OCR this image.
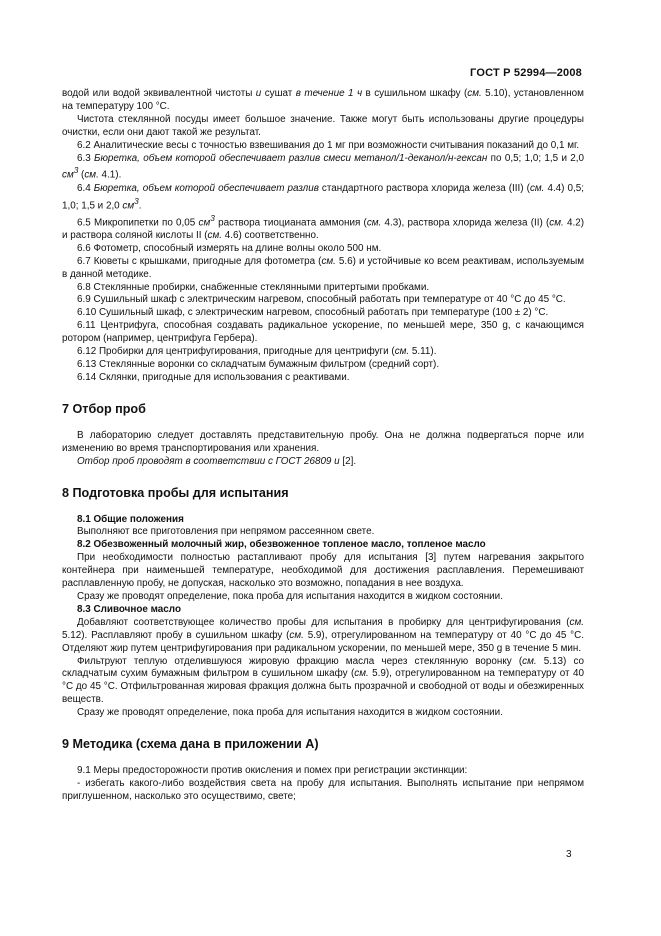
ГОСТ Р 52994—2008

водой или водой эквивалентной чистоты и сушат в течение 1 ч в сушильном шкафу (см. 5.10), установленном на температуру 100 °С.

Чистота стеклянной посуды имеет большое значение. Также могут быть использованы другие процедуры очистки, если они дают такой же результат.

6.2 Аналитические весы с точностью взвешивания до 1 мг при возможности считывания показаний до 0,1 мг.

6.3 Бюретка, объем которой обеспечивает разлив смеси метанол/1-деканол/н-гексан по 0,5; 1,0; 1,5 и 2,0 $см^3$ (см. 4.1).

6.4 Бюретка, объем которой обеспечивает разлив стандартного раствора хлорида железа (III) (см. 4.4) 0,5; 1,0; 1,5 и 2,0 $см^3$.

6.5 Микропипетки по 0,05 $см^3$ раствора тиоцианата аммония (см. 4.3), раствора хлорида железа (II) (см. 4.2) и раствора соляной кислоты II (см. 4.6) соответственно.

6.6 Фотометр, способный измерять на длине волны около 500 нм.

6.7 Кюветы с крышками, пригодные для фотометра (см. 5.6) и устойчивые ко всем реактивам, используемым в данной методике.

6.8 Стеклянные пробирки, снабженные стеклянными притертыми пробками.

6.9 Сушильный шкаф с электрическим нагревом, способный работать при температуре от 40 °С до 45 °С.

6.10 Сушильный шкаф, с электрическим нагревом, способный работать при температуре (100 ± 2) °С.

6.11 Центрифуга, способная создавать радикальное ускорение, по меньшей мере, 350 g, с качающимся ротором (например, центрифуга Гербера).

6.12 Пробирки для центрифугирования, пригодные для центрифуги (см. 5.11).

6.13 Стеклянные воронки со складчатым бумажным фильтром (средний сорт).

6.14 Склянки, пригодные для использования с реактивами.

7 Отбор проб

В лабораторию следует доставлять представительную пробу. Она не должна подвергаться порче или изменению во время транспортирования или хранения.

Отбор проб проводят в соответствии с ГОСТ 26809 и [2].

8 Подготовка пробы для испытания

8.1 Общие положения

Выполняют все приготовления при непрямом рассеянном свете.

8.2 Обезвоженный молочный жир, обезвоженное топленое масло, топленое масло

При необходимости полностью растапливают пробу для испытания [3] путем нагревания закрытого контейнера при наименьшей температуре, необходимой для достижения расплавления. Перемешивают расплавленную пробу, не допуская, насколько это возможно, попадания в нее воздуха.

Сразу же проводят определение, пока проба для испытания находится в жидком состоянии.

8.3 Сливочное масло

Добавляют соответствующее количество пробы для испытания в пробирку для центрифугирования (см. 5.12). Расплавляют пробу в сушильном шкафу (см. 5.9), отрегулированном на температуру от 40 °С до 45 °С. Отделяют жир путем центрифугирования при радикальном ускорении, по меньшей мере, 350 g в течение 5 мин.

Фильтруют теплую отделившуюся жировую фракцию масла через стеклянную воронку (см. 5.13) со складчатым сухим бумажным фильтром в сушильном шкафу (см. 5.9), отрегулированном на температуру от 40 °С до 45 °С. Отфильтрованная жировая фракция должна быть прозрачной и свободной от воды и обезжиренных веществ.

Сразу же проводят определение, пока проба для испытания находится в жидком состоянии.

9 Методика (схема дана в приложении А)

9.1 Меры предосторожности против окисления и помех при регистрации экстинкции:

- избегать какого-либо воздействия света на пробу для испытания. Выполнять испытание при непрямом приглушенном, насколько это осуществимо, свете;

3
